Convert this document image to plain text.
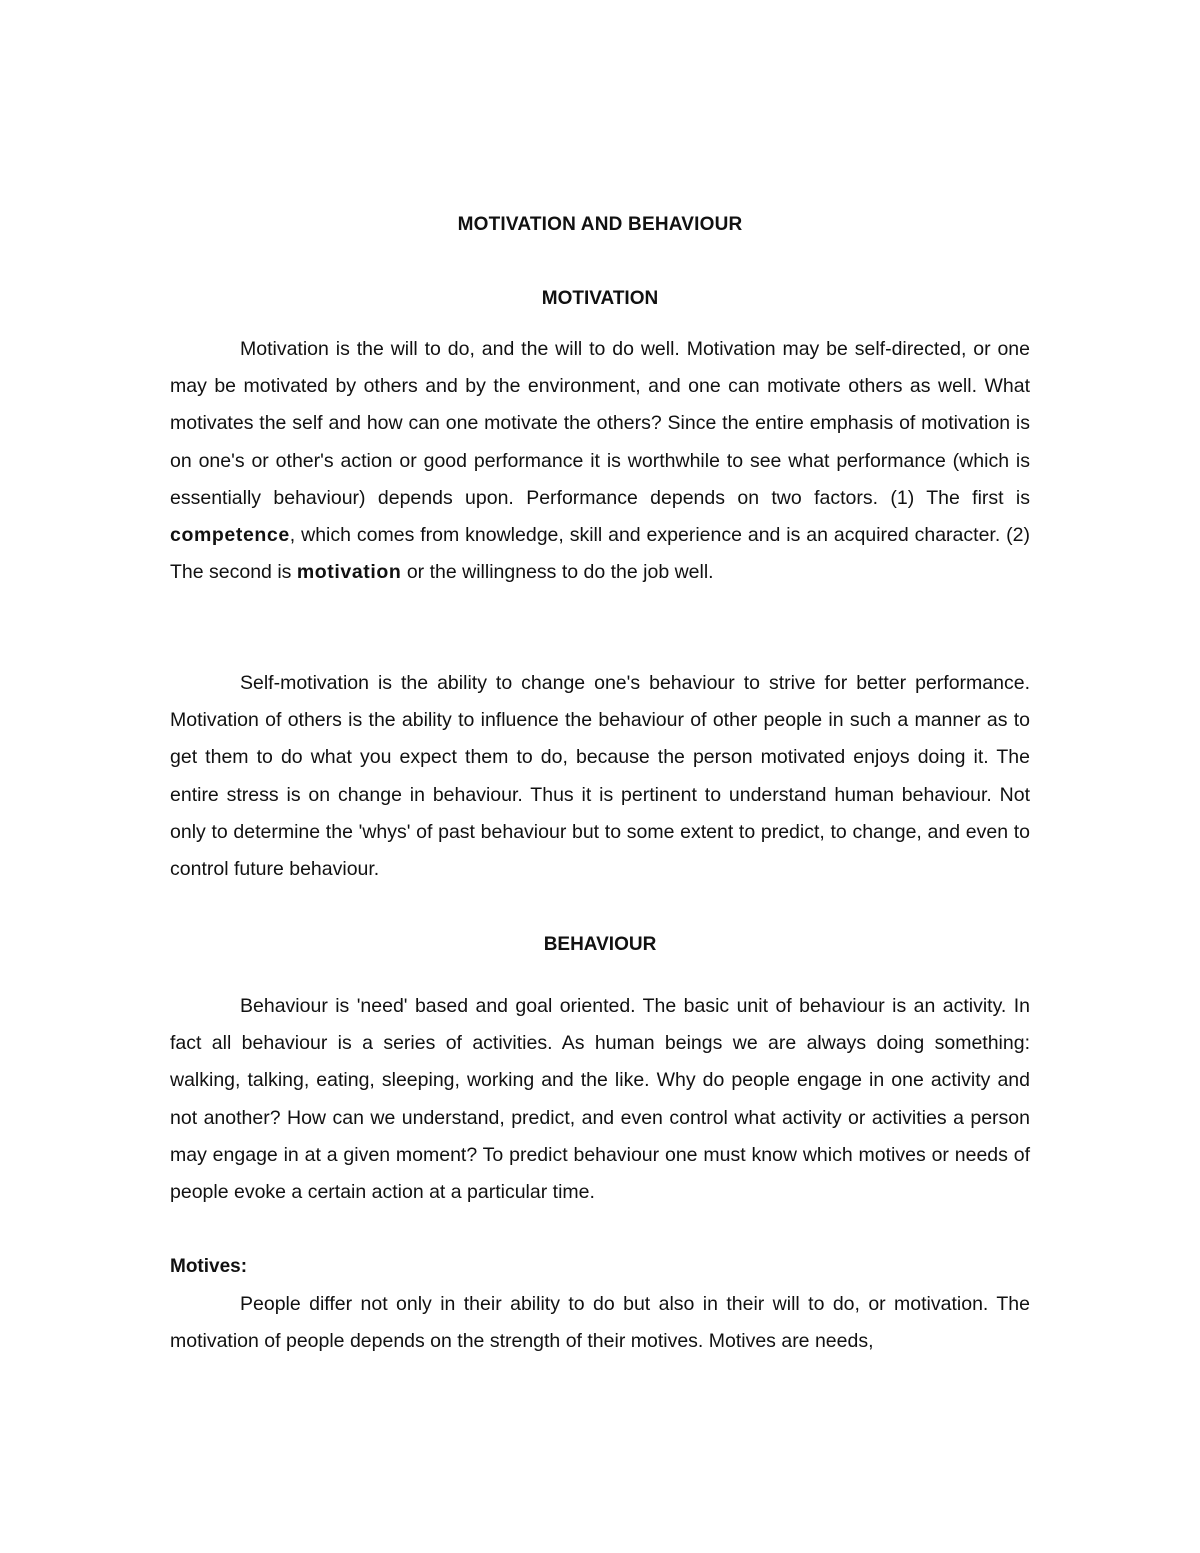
MOTIVATION AND BEHAVIOUR
MOTIVATION

Motivation is the will to do, and the will to do well. Motivation may be self-directed, or one may be motivated by others and by the environment, and one can motivate others as well. What motivates the self and how can one motivate the others? Since the entire emphasis of motivation is on one's or other's action or good performance it is worthwhile to see what performance (which is essentially behaviour) depends upon. Performance depends on two factors. (1) The first is competence, which comes from knowledge, skill and experience and is an acquired character. (2) The second is motivation or the willingness to do the job well.

Self-motivation is the ability to change one's behaviour to strive for better performance. Motivation of others is the ability to influence the behaviour of other people in such a manner as to get them to do what you expect them to do, because the person motivated enjoys doing it. The entire stress is on change in behaviour. Thus it is pertinent to understand human behaviour. Not only to determine the 'whys' of past behaviour but to some extent to predict, to change, and even to control future behaviour.

BEHAVIOUR

Behaviour is 'need' based and goal oriented. The basic unit of behaviour is an activity. In fact all behaviour is a series of activities. As human beings we are always doing something: walking, talking, eating, sleeping, working and the like. Why do people engage in one activity and not another? How can we understand, predict, and even control what activity or activities a person may engage in at a given moment? To predict behaviour one must know which motives or needs of people evoke a certain action at a particular time.

Motives:

People differ not only in their ability to do but also in their will to do, or motivation. The motivation of people depends on the strength of their motives. Motives are needs,
